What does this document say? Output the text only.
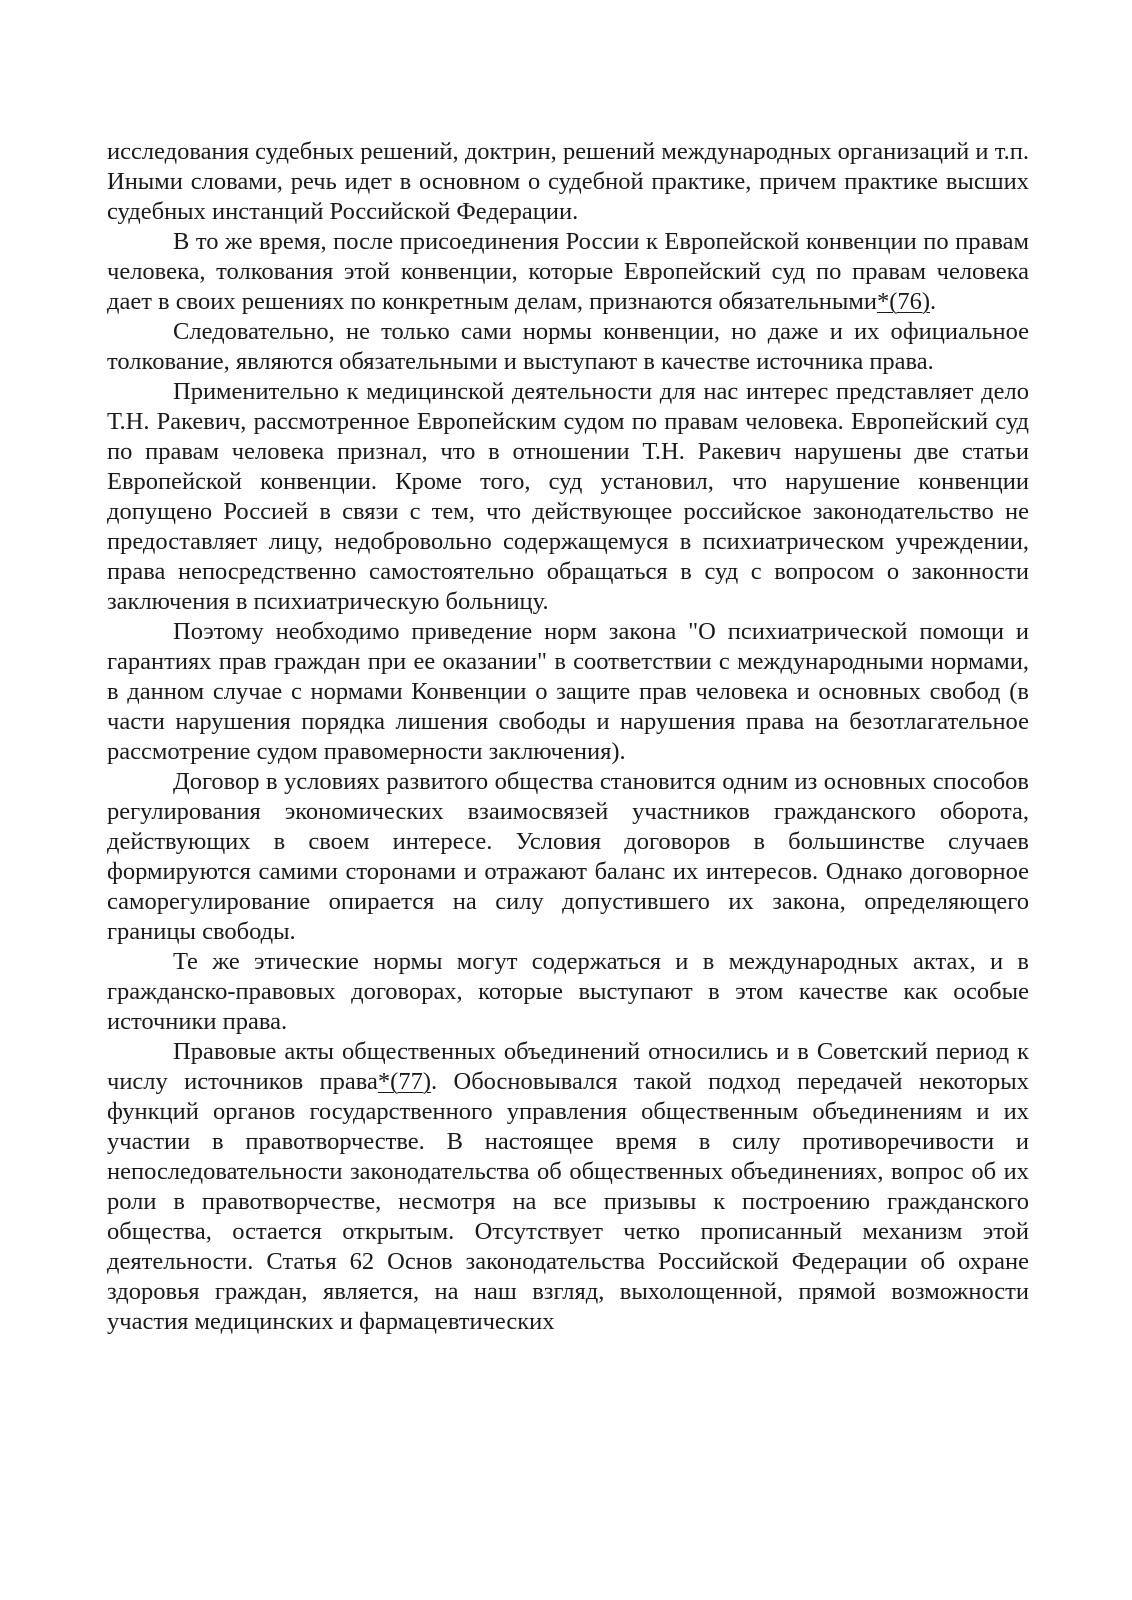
исследования судебных решений, доктрин, решений международных организаций и т.п. Иными словами, речь идет в основном о судебной практике, причем практике высших судебных инстанций Российской Федерации.

В то же время, после присоединения России к Европейской конвенции по правам человека, толкования этой конвенции, которые Европейский суд по правам человека дает в своих решениях по конкретным делам, признаются обязательными*(76).

Следовательно, не только сами нормы конвенции, но даже и их официальное толкование, являются обязательными и выступают в качестве источника права.

Применительно к медицинской деятельности для нас интерес представляет дело Т.Н. Ракевич, рассмотренное Европейским судом по правам человека. Европейский суд по правам человека признал, что в отношении Т.Н. Ракевич нарушены две статьи Европейской конвенции. Кроме того, суд установил, что нарушение конвенции допущено Россией в связи с тем, что действующее российское законодательство не предоставляет лицу, недобровольно содержащемуся в психиатрическом учреждении, права непосредственно самостоятельно обращаться в суд с вопросом о законности заключения в психиатрическую больницу.

Поэтому необходимо приведение норм закона "О психиатрической помощи и гарантиях прав граждан при ее оказании" в соответствии с международными нормами, в данном случае с нормами Конвенции о защите прав человека и основных свобод (в части нарушения порядка лишения свободы и нарушения права на безотлагательное рассмотрение судом правомерности заключения).

Договор в условиях развитого общества становится одним из основных способов регулирования экономических взаимосвязей участников гражданского оборота, действующих в своем интересе. Условия договоров в большинстве случаев формируются самими сторонами и отражают баланс их интересов. Однако договорное саморегулирование опирается на силу допустившего их закона, определяющего границы свободы.

Те же этические нормы могут содержаться и в международных актах, и в гражданско-правовых договорах, которые выступают в этом качестве как особые источники права.

Правовые акты общественных объединений относились и в Советский период к числу источников права*(77). Обосновывался такой подход передачей некоторых функций органов государственного управления общественным объединениям и их участии в правотворчестве. В настоящее время в силу противоречивости и непоследовательности законодательства об общественных объединениях, вопрос об их роли в правотворчестве, несмотря на все призывы к построению гражданского общества, остается открытым. Отсутствует четко прописанный механизм этой деятельности. Статья 62 Основ законодательства Российской Федерации об охране здоровья граждан, является, на наш взгляд, выхолощенной, прямой возможности участия медицинских и фармацевтических
